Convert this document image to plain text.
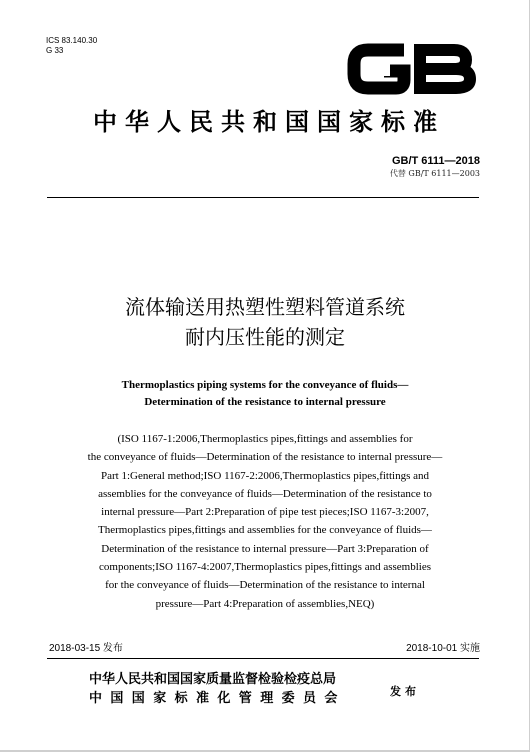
ICS 83.140.30
G 33
中华人民共和国国家标准
GB/T 6111—2018
代替 GB/T 6111—2003
流体输送用热塑性塑料管道系统
耐内压性能的测定
Thermoplastics piping systems for the conveyance of fluids—
Determination of the resistance to internal pressure
(ISO 1167-1:2006,Thermoplastics pipes,fittings and assemblies for
the conveyance of fluids—Determination of the resistance to internal pressure—
Part 1:General method;ISO 1167-2:2006,Thermoplastics pipes,fittings and
assemblies for the conveyance of fluids—Determination of the resistance to
internal pressure—Part 2:Preparation of pipe test pieces;ISO 1167-3:2007,
Thermoplastics pipes,fittings and assemblies for the conveyance of fluids—
Determination of the resistance to internal pressure—Part 3:Preparation of
components;ISO 1167-4:2007,Thermoplastics pipes,fittings and assemblies
for the conveyance of fluids—Determination of the resistance to internal
pressure—Part 4:Preparation of assemblies,NEQ)
2018-03-15 发布	2018-10-01 实施
中华人民共和国国家质量监督检验检疫总局
中国国家标准化管理委员会	发布
